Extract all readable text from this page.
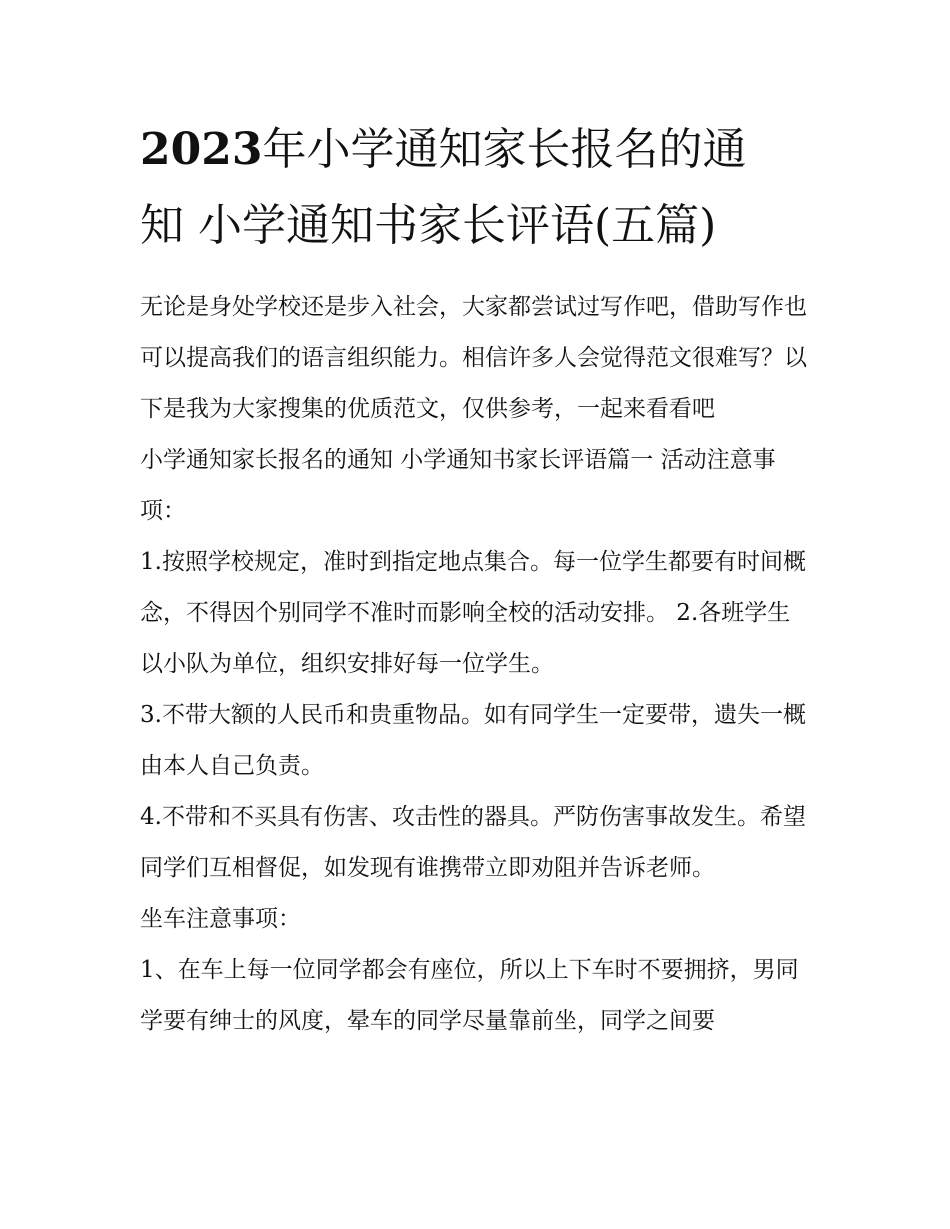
2023年小学通知家长报名的通
知 小学通知书家长评语(五篇)

无论是身处学校还是步入社会，大家都尝试过写作吧，借助写作也可以提高我们的语言组织能力。相信许多人会觉得范文很难写？以下是我为大家搜集的优质范文，仅供参考，一起来看看吧

小学通知家长报名的通知 小学通知书家长评语篇一 活动注意事项：

1.按照学校规定，准时到指定地点集合。每一位学生都要有时间概念，不得因个别同学不准时而影响全校的活动安排。 2.各班学生以小队为单位，组织安排好每一位学生。

3.不带大额的人民币和贵重物品。如有同学生一定要带，遗失一概由本人自己负责。

4.不带和不买具有伤害、攻击性的器具。严防伤害事故发生。希望同学们互相督促，如发现有谁携带立即劝阻并告诉老师。

坐车注意事项：

1、在车上每一位同学都会有座位，所以上下车时不要拥挤，男同学要有绅士的风度，晕车的同学尽量靠前坐，同学之间要
